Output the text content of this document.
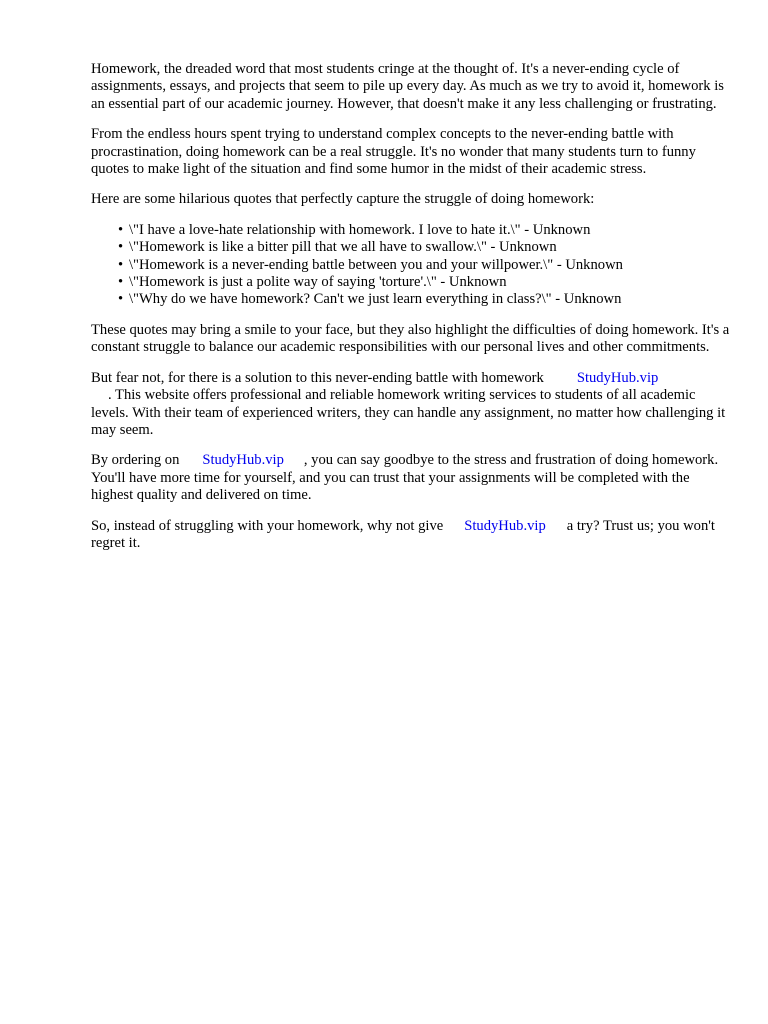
Homework, the dreaded word that most students cringe at the thought of. It's a never-ending cycle of assignments, essays, and projects that seem to pile up every day. As much as we try to avoid it, homework is an essential part of our academic journey. However, that doesn't make it any less challenging or frustrating.

From the endless hours spent trying to understand complex concepts to the never-ending battle with procrastination, doing homework can be a real struggle. It's no wonder that many students turn to funny quotes to make light of the situation and find some humor in the midst of their academic stress.

Here are some hilarious quotes that perfectly capture the struggle of doing homework:

• \"I have a love-hate relationship with homework. I love to hate it.\" - Unknown
• \"Homework is like a bitter pill that we all have to swallow.\" - Unknown
• \"Homework is a never-ending battle between you and your willpower.\" - Unknown
• \"Homework is just a polite way of saying 'torture'.\" - Unknown
• \"Why do we have homework? Can't we just learn everything in class?\" - Unknown

These quotes may bring a smile to your face, but they also highlight the difficulties of doing homework. It's a constant struggle to balance our academic responsibilities with our personal lives and other commitments.

But fear not, for there is a solution to this never-ending battle with homework StudyHub.vip
. This website offers professional and reliable homework writing services to students of all academic levels. With their team of experienced writers, they can handle any assignment, no matter how challenging it may seem.

By ordering on StudyHub.vip , you can say goodbye to the stress and frustration of doing homework. You'll have more time for yourself, and you can trust that your assignments will be completed with the highest quality and delivered on time.

So, instead of struggling with your homework, why not give StudyHub.vip a try? Trust us; you won't regret it.
